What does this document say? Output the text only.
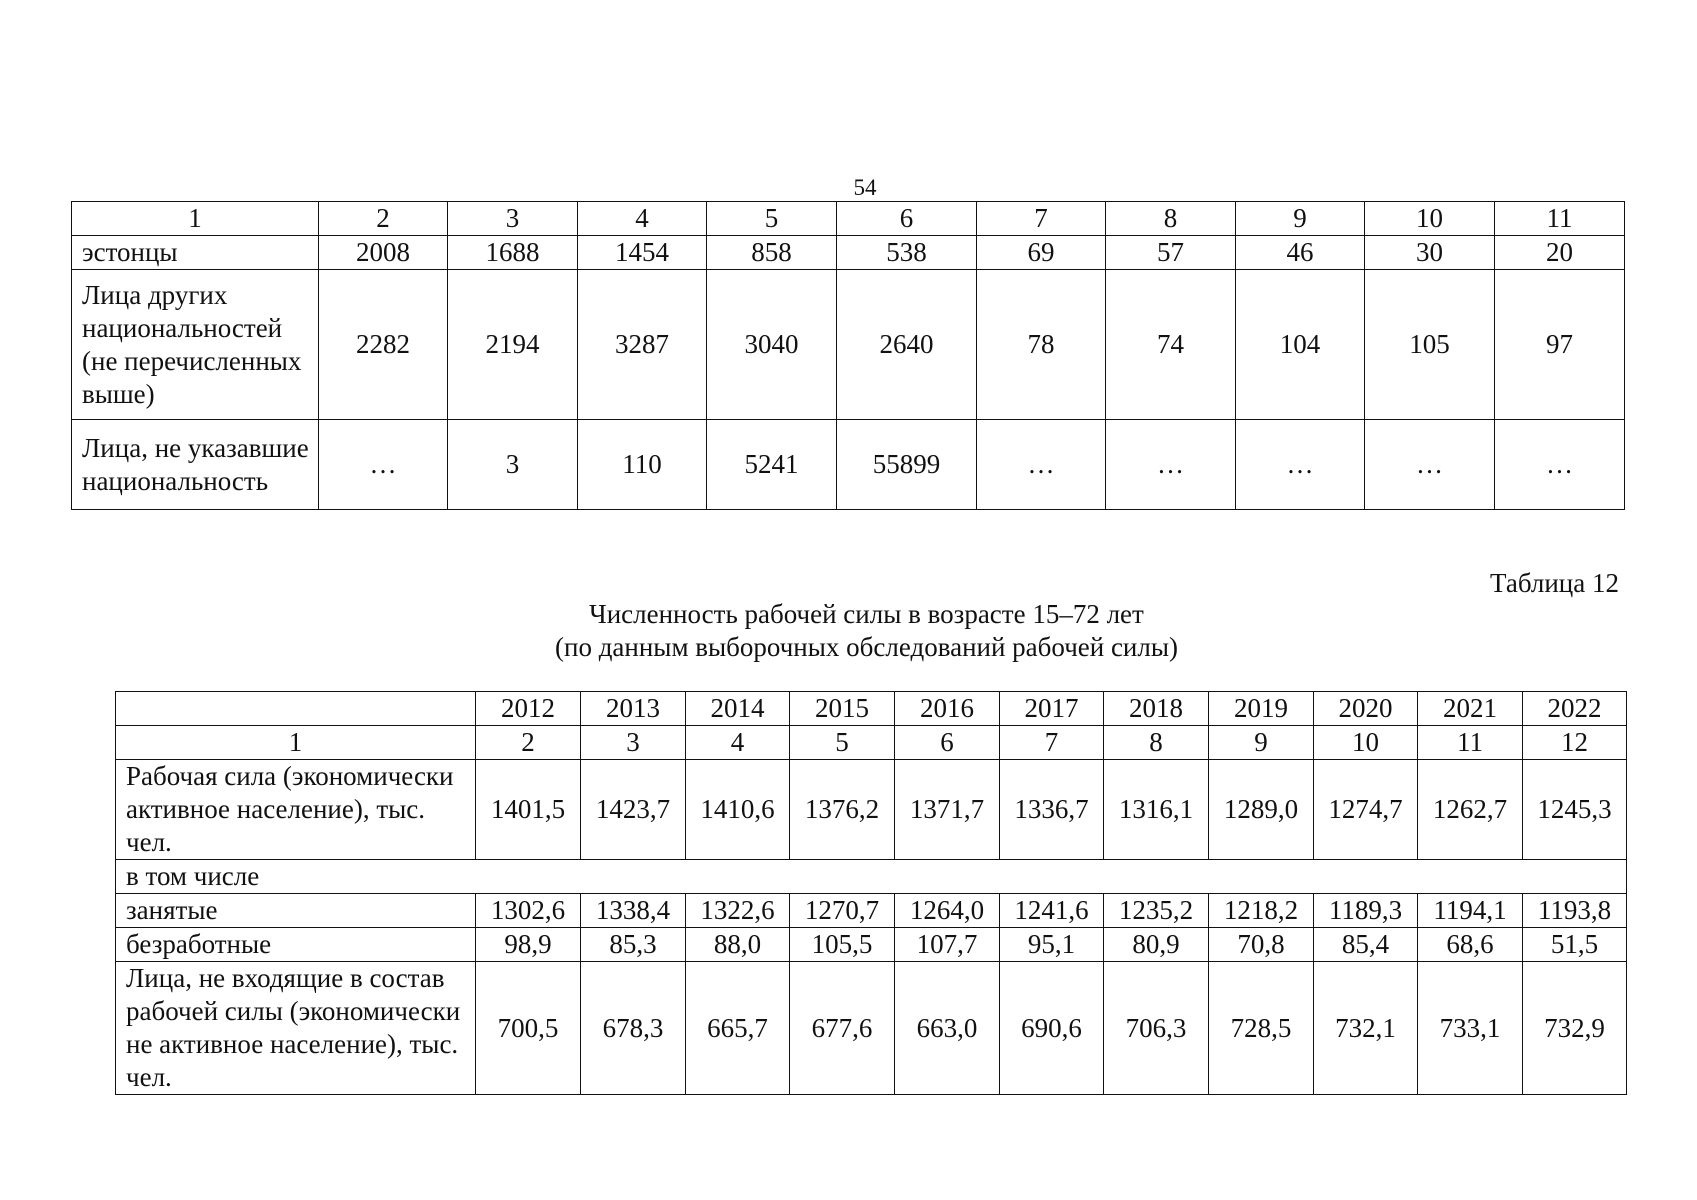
54
1	2	3	4	5	6	7	8	9	10	11
эстонцы	2008	1688	1454	858	538	69	57	46	30	20
Лица других национальностей (не перечисленных выше)	2282	2194	3287	3040	2640	78	74	104	105	97
Лица, не указавшие национальность	…	3	110	5241	55899	…	…	…	…	…
Таблица 12
Численность рабочей силы в возрасте 15–72 лет
(по данным выборочных обследований рабочей силы)
	2012	2013	2014	2015	2016	2017	2018	2019	2020	2021	2022
1	2	3	4	5	6	7	8	9	10	11	12
Рабочая сила (экономически активное население), тыс. чел.	1401,5	1423,7	1410,6	1376,2	1371,7	1336,7	1316,1	1289,0	1274,7	1262,7	1245,3
в том числе											
занятые	1302,6	1338,4	1322,6	1270,7	1264,0	1241,6	1235,2	1218,2	1189,3	1194,1	1193,8
безработные	98,9	85,3	88,0	105,5	107,7	95,1	80,9	70,8	85,4	68,6	51,5
Лица, не входящие в состав рабочей силы (экономически не активное население), тыс. чел.	700,5	678,3	665,7	677,6	663,0	690,6	706,3	728,5	732,1	733,1	732,9
